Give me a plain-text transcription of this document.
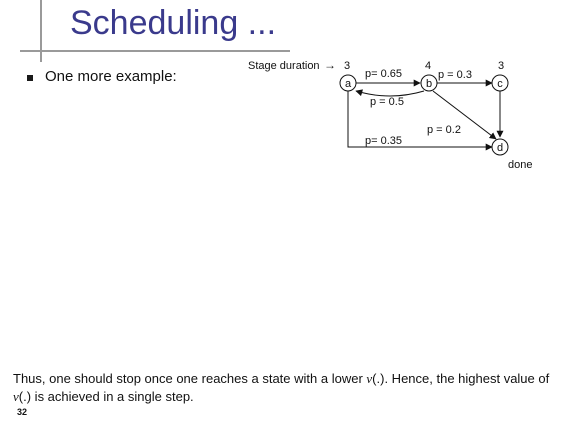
Scheduling ...
One more example:
Stage duration → 3	4	3
p= 0.65	p = 0.3
p = 0.5
p = 0.2
p= 0.35
a	b	c
d
done
Thus, one should stop once one reaches a state with a lower v(.). Hence, the highest value of v(.) is achieved in a single step.
32
